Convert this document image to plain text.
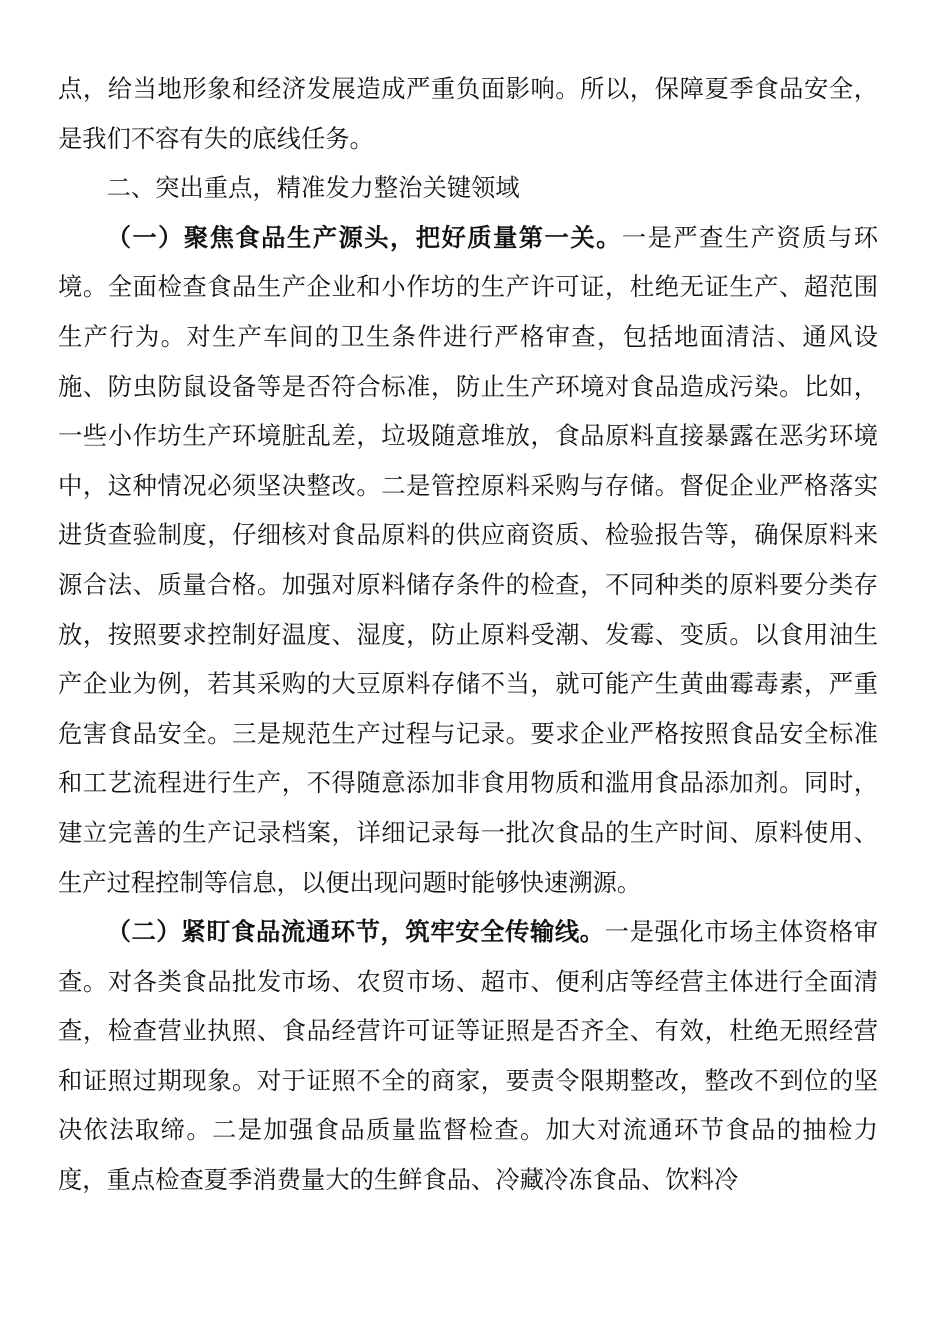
点，给当地形象和经济发展造成严重负面影响。所以，保障夏季食品安全，是我们不容有失的底线任务。

二、突出重点，精准发力整治关键领域

（一）聚焦食品生产源头，把好质量第一关。一是严查生产资质与环境。全面检查食品生产企业和小作坊的生产许可证，杜绝无证生产、超范围生产行为。对生产车间的卫生条件进行严格审查，包括地面清洁、通风设施、防虫防鼠设备等是否符合标准，防止生产环境对食品造成污染。比如，一些小作坊生产环境脏乱差，垃圾随意堆放，食品原料直接暴露在恶劣环境中，这种情况必须坚决整改。二是管控原料采购与存储。督促企业严格落实进货查验制度，仔细核对食品原料的供应商资质、检验报告等，确保原料来源合法、质量合格。加强对原料储存条件的检查，不同种类的原料要分类存放，按照要求控制好温度、湿度，防止原料受潮、发霉、变质。以食用油生产企业为例，若其采购的大豆原料存储不当，就可能产生黄曲霉毒素，严重危害食品安全。三是规范生产过程与记录。要求企业严格按照食品安全标准和工艺流程进行生产，不得随意添加非食用物质和滥用食品添加剂。同时，建立完善的生产记录档案，详细记录每一批次食品的生产时间、原料使用、生产过程控制等信息，以便出现问题时能够快速溯源。

（二）紧盯食品流通环节，筑牢安全传输线。一是强化市场主体资格审查。对各类食品批发市场、农贸市场、超市、便利店等经营主体进行全面清查，检查营业执照、食品经营许可证等证照是否齐全、有效，杜绝无照经营和证照过期现象。对于证照不全的商家，要责令限期整改，整改不到位的坚决依法取缔。二是加强食品质量监督检查。加大对流通环节食品的抽检力度，重点检查夏季消费量大的生鲜食品、冷藏冷冻食品、饮料冷
